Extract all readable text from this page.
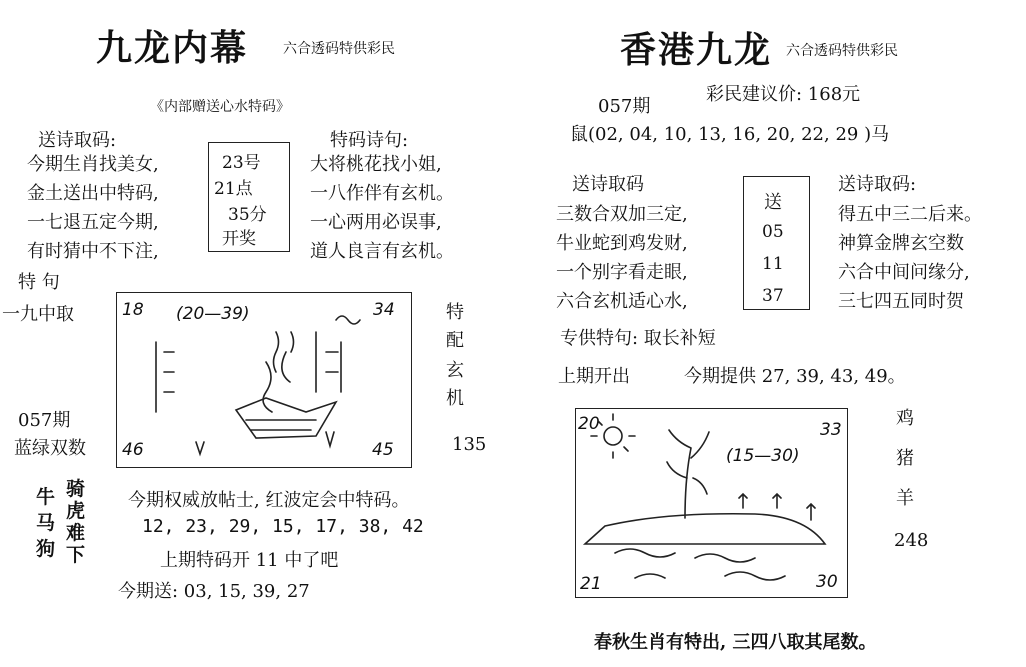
九龙内幕 六合透码特供彩民
《内部赠送心水特码》
送诗取码:
今期生肖找美女,
金土送出中特码,
一七退五定今期,
有时猜中不下注,
23号
21点
35分
开奖
特码诗句:
大将桃花找小姐,
一八作伴有玄机。
一心两用必误事,
道人良言有玄机。
特 句
一九中取
057期
蓝绿双数
18 (20—39)	34
46	45
特
配
玄
机
135
牛马狗
骑虎难下
今期权威放帖士, 红波定会中特码。
12, 23, 29, 15, 17, 38, 42
上期特码开 11 中了吧
今期送: 03, 15, 39, 27
香港九龙 六合透码特供彩民
057期
彩民建议价: 168元
鼠(02, 04, 10, 13, 16, 20, 22, 29 )马
送诗取码	送诗取码:
三数合双加三定,
牛业蛇到鸡发财,
一个别字看走眼,
六合玄机适心水,
送
05
11
37
得五中三二后来。
神算金牌玄空数
六合中间问缘分,
三七四五同时贺
专供特句: 取长补短
上期开出	今期提供 27, 39, 43, 49。
20
(15—30)
33
21	30
鸡
猪
羊
248
春秋生肖有特出, 三四八取其尾数。
